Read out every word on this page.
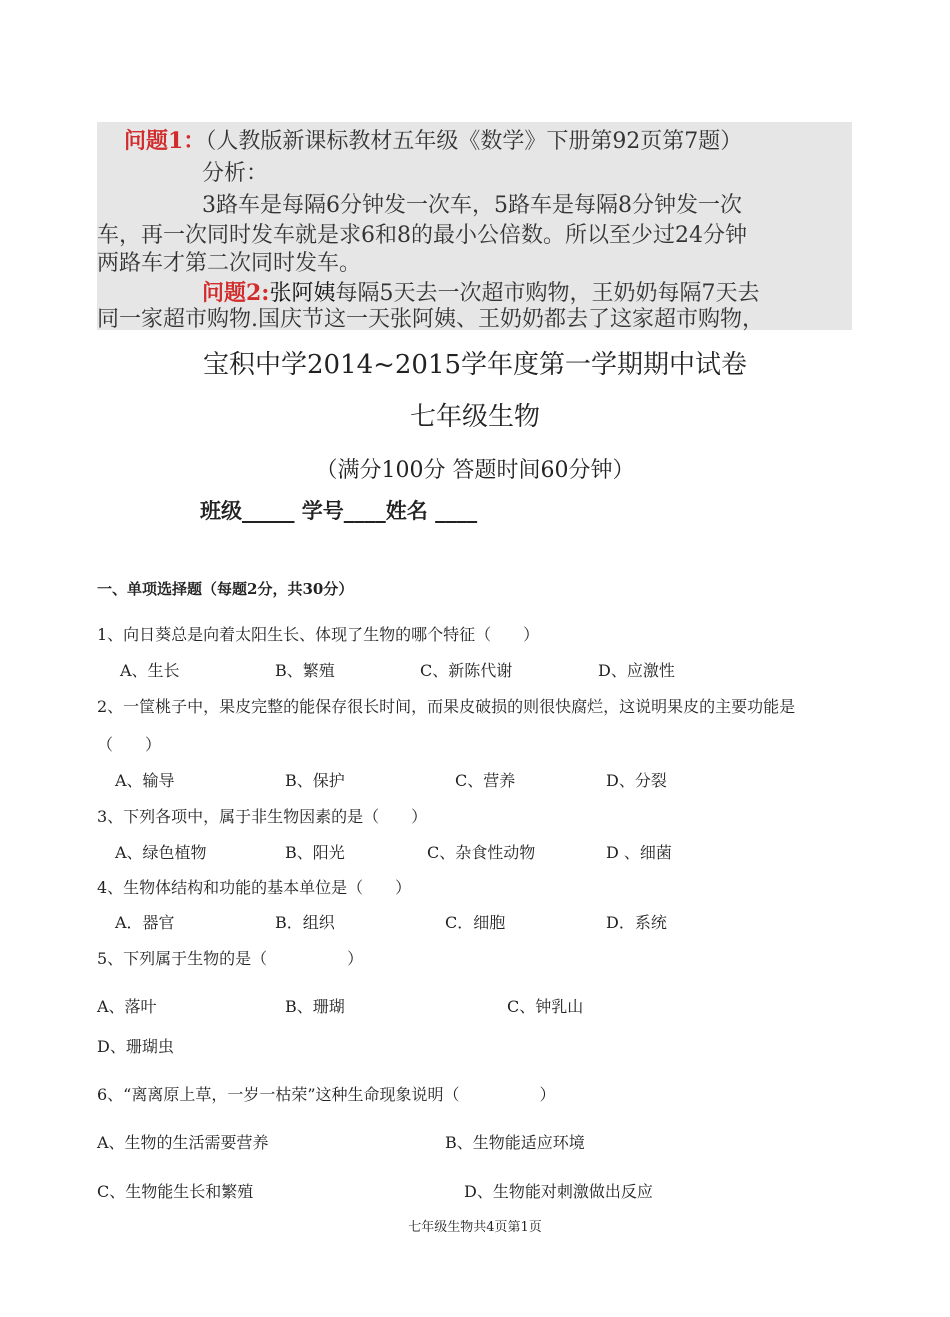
问题1：（人教版新课标教材五年级《数学》下册第92页第7题）
分析：
3路车是每隔6分钟发一次车，5路车是每隔8分钟发一次
车，再一次同时发车就是求6和8的最小公倍数。所以至少过24分钟
两路车才第二次同时发车。
问题2:张阿姨每隔5天去一次超市购物，王奶奶每隔7天去
同一家超市购物.国庆节这一天张阿姨、王奶奶都去了这家超市购物，
宝积中学2014~2015学年度第一学期期中试卷
七年级生物
（满分100分 答题时间60分钟）
班级_____ 学号____姓名 ____
一、单项选择题（每题2分，共30分）
1、向日葵总是向着太阳生长、体现了生物的哪个特征（　　）
A、生长	B、繁殖	C、新陈代谢	D、应激性
2、一筐桃子中，果皮完整的能保存很长时间，而果皮破损的则很快腐烂，这说明果皮的主要功能是
（　　）
A、输导	B、保护	C、营养	D、分裂
3、下列各项中，属于非生物因素的是（　　）
A、绿色植物	B、阳光	C、杂食性动物	D 、细菌
4、生物体结构和功能的基本单位是（　　）
A．器官	B．组织	C．细胞	D．系统
5、下列属于生物的是（　　　　　）
A、落叶	B、珊瑚	C、钟乳山
D、珊瑚虫
6、“离离原上草，一岁一枯荣”这种生命现象说明（　　　　　）
A、生物的生活需要营养	B、生物能适应环境
C、生物能生长和繁殖	D、生物能对刺激做出反应
七年级生物共4页第1页
